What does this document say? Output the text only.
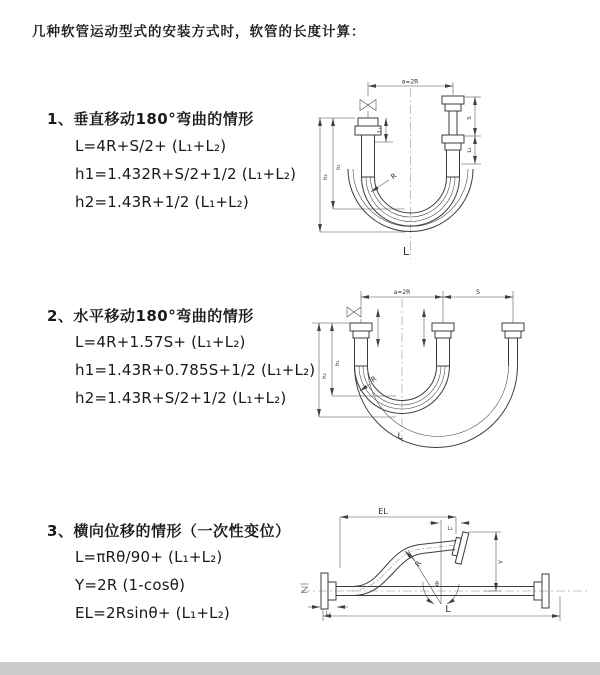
几种软管运动型式的安装方式时，软管的长度计算：
1、垂直移动180°弯曲的情形
L=4R+S/2+ (L₁+L₂)
h1=1.432R+S/2+1/2 (L₁+L₂)
h2=1.43R+1/2 (L₁+L₂)
a=2R
S
L₂
L₁
h₁
h₂	R
L
2、水平移动180°弯曲的情形
L=4R+1.57S+ (L₁+L₂)
h1=1.43R+0.785S+1/2 (L₁+L₂)
h2=1.43R+S/2+1/2 (L₁+L₂)
a=2R	S
h₁
h₂	R
L
3、横向位移的情形（一次性变位）
L=πRθ/90+ (L₁+L₂)
Y=2R (1-cosθ)
EL=2Rsinθ+ (L₁+L₂)
EL
L₂
Y
R
θ
L
L₁
